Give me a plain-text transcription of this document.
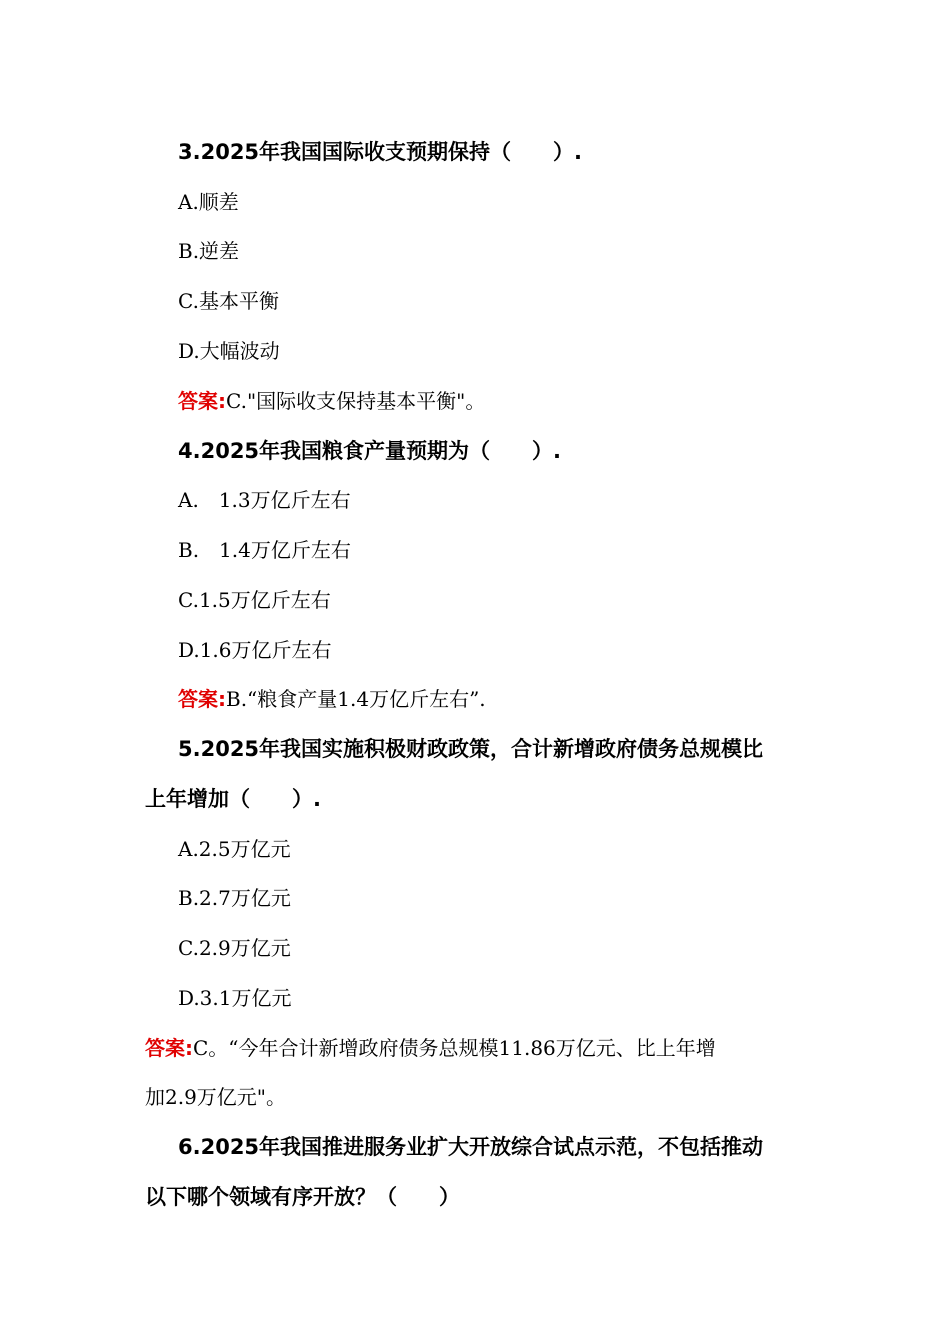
3.2025年我国国际收支预期保持（　　）.

A.顺差

B.逆差

C.基本平衡

D.大幅波动

答案:C."国际收支保持基本平衡"。

4.2025年我国粮食产量预期为（　　）.

A.　1.3万亿斤左右

B.　1.4万亿斤左右

C.1.5万亿斤左右

D.1.6万亿斤左右

答案:B.“粮食产量1.4万亿斤左右”.

5.2025年我国实施积极财政政策，合计新增政府债务总规模比

上年增加（　　）.

A.2.5万亿元

B.2.7万亿元

C.2.9万亿元

D.3.1万亿元

答案:C。“今年合计新增政府债务总规模11.86万亿元、比上年增

加2.9万亿元"。

6.2025年我国推进服务业扩大开放综合试点示范，不包括推动

以下哪个领域有序开放？（　　）
